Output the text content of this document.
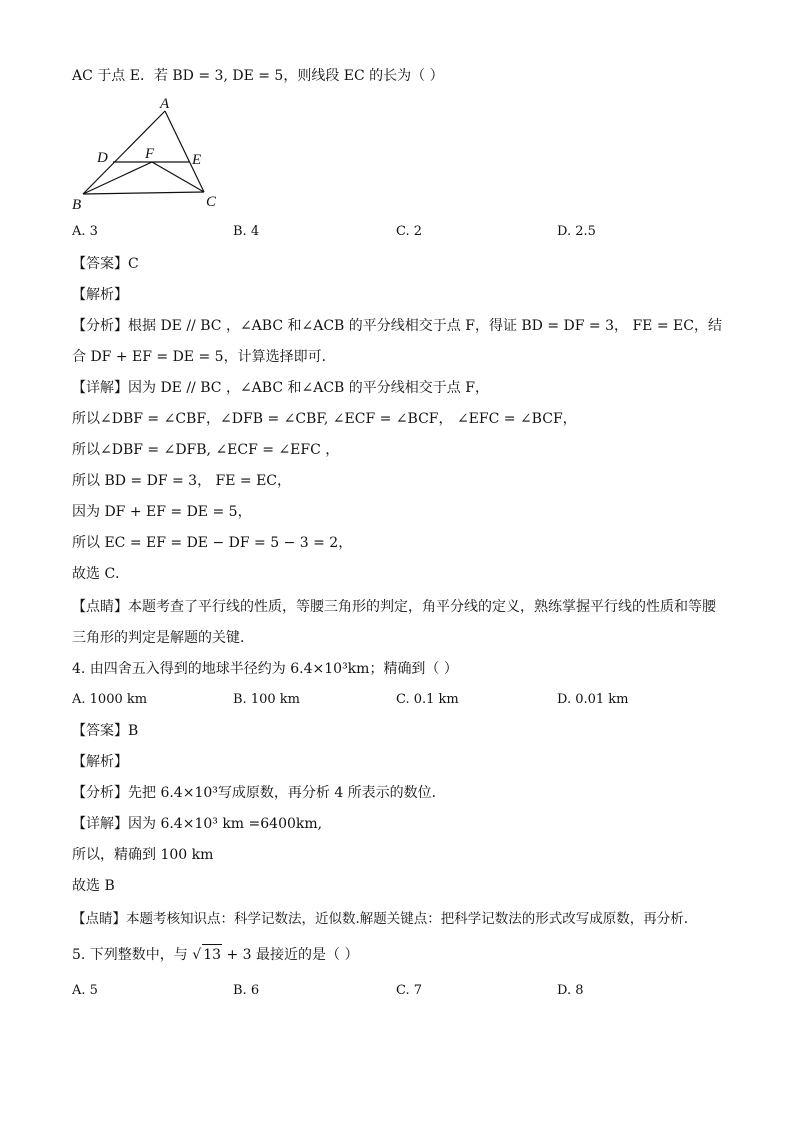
AC 于点 E．若 BD = 3, DE = 5，则线段 EC 的长为（ ）
A
B	C
D	E
F
A. 3	B. 4	C. 2	D. 2.5
【答案】C
【解析】
【分析】根据 DE // BC ，∠ABC 和∠ACB 的平分线相交于点 F，得证 BD = DF = 3， FE = EC，结
合 DF + EF = DE = 5，计算选择即可．
【详解】因为 DE // BC ，∠ABC 和∠ACB 的平分线相交于点 F，
所以∠DBF = ∠CBF，∠DFB = ∠CBF, ∠ECF = ∠BCF， ∠EFC = ∠BCF，
所以∠DBF = ∠DFB, ∠ECF = ∠EFC ，
所以 BD = DF = 3， FE = EC，
因为 DF + EF = DE = 5，
所以 EC = EF = DE − DF = 5 − 3 = 2，
故选 C．
【点睛】本题考查了平行线的性质，等腰三角形的判定，角平分线的定义，熟练掌握平行线的性质和等腰
三角形的判定是解题的关键．
4. 由四舍五入得到的地球半径约为 6.4×10³km；精确到（ ）
A. 1000 km	B. 100 km	C. 0.1 km	D. 0.01 km
【答案】B
【解析】
【分析】先把 6.4×10³写成原数，再分析 4 所表示的数位．
【详解】因为 6.4×10³ km =6400km,
所以，精确到 100 km
故选 B
【点睛】本题考核知识点：科学记数法，近似数.解题关键点：把科学记数法的形式改写成原数，再分析.
5. 下列整数中，与 √ 13 + 3 最接近的是（ ）
A. 5	B. 6	C. 7	D. 8
